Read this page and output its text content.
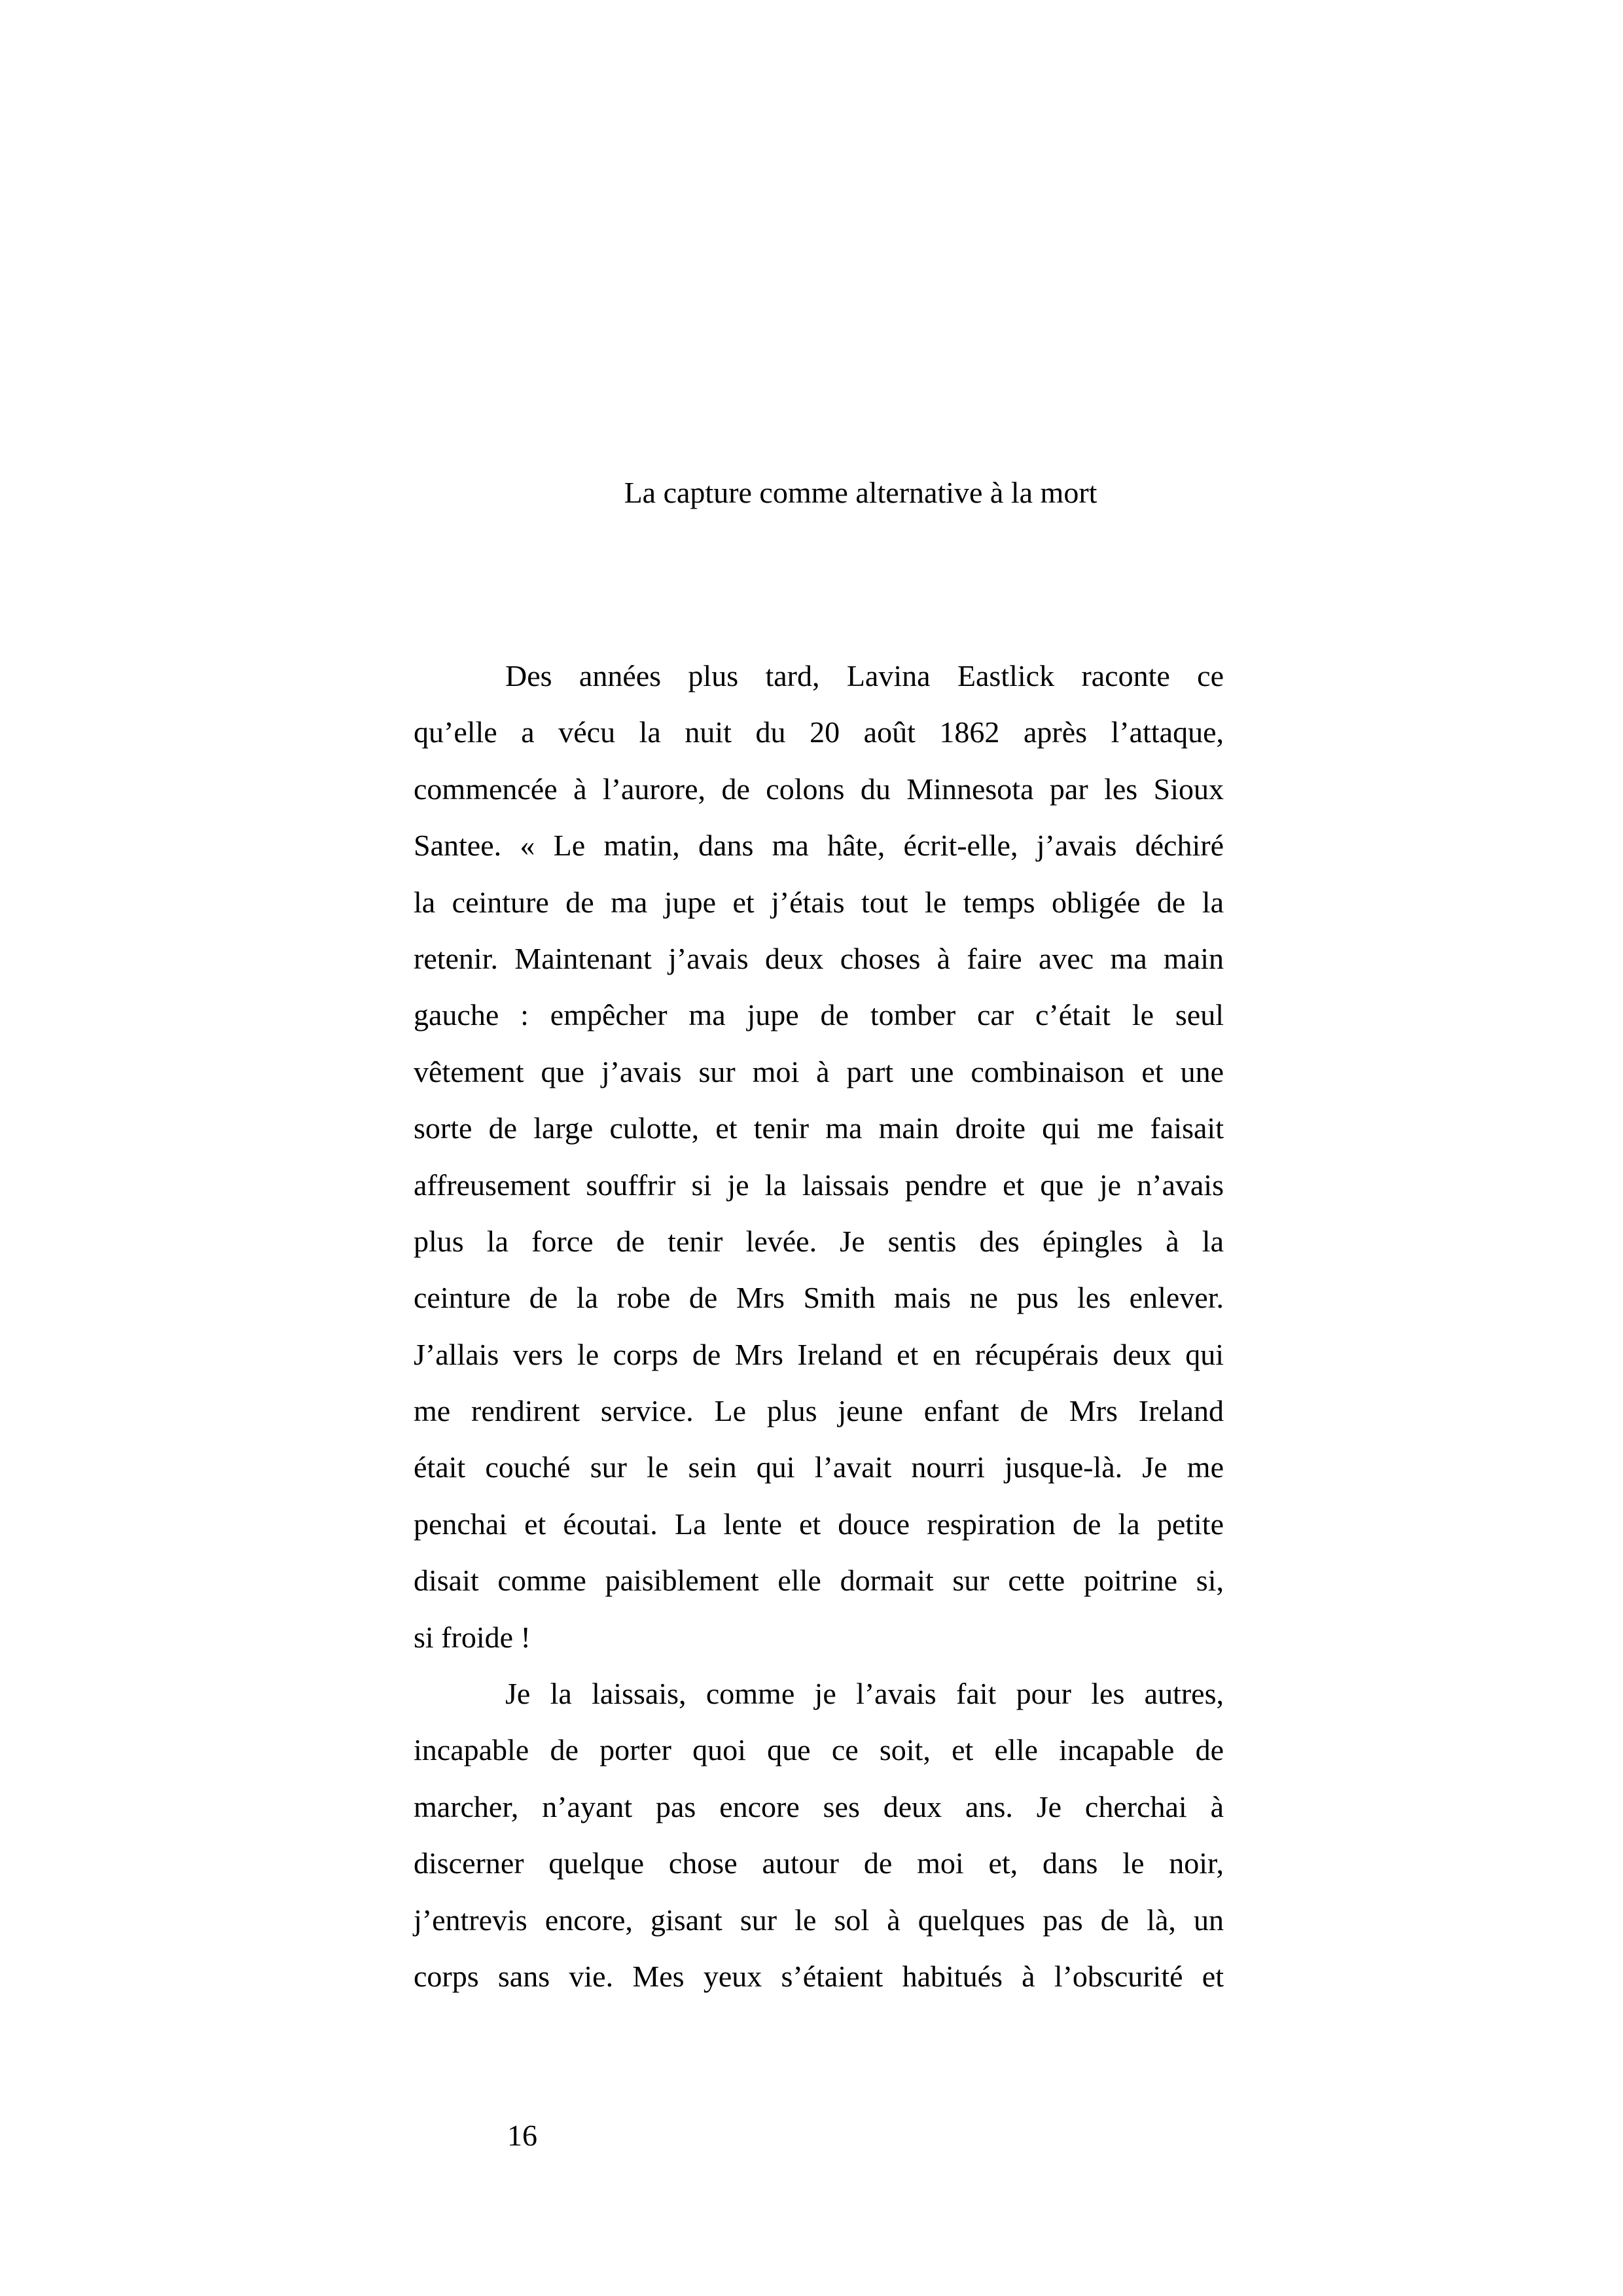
La capture comme alternative à la mort
Des années plus tard, Lavina Eastlick raconte ce
qu’elle a vécu la nuit du 20 août 1862 après l’attaque,
commencée à l’aurore, de colons du Minnesota par les Sioux
Santee. « Le matin, dans ma hâte, écrit-elle, j’avais déchiré
la ceinture de ma jupe et j’étais tout le temps obligée de la
retenir. Maintenant j’avais deux choses à faire avec ma main
gauche : empêcher ma jupe de tomber car c’était le seul
vêtement que j’avais sur moi à part une combinaison et une
sorte de large culotte, et tenir ma main droite qui me faisait
affreusement souffrir si je la laissais pendre et que je n’avais
plus la force de tenir levée. Je sentis des épingles à la
ceinture de la robe de Mrs Smith mais ne pus les enlever.
J’allais vers le corps de Mrs Ireland et en récupérais deux qui
me rendirent service. Le plus jeune enfant de Mrs Ireland
était couché sur le sein qui l’avait nourri jusque-là. Je me
penchai et écoutai. La lente et douce respiration de la petite
disait comme paisiblement elle dormait sur cette poitrine si,
si froide !
Je la laissais, comme je l’avais fait pour les autres,
incapable de porter quoi que ce soit, et elle incapable de
marcher, n’ayant pas encore ses deux ans. Je cherchai à
discerner quelque chose autour de moi et, dans le noir,
j’entrevis encore, gisant sur le sol à quelques pas de là, un
corps sans vie. Mes yeux s’étaient habitués à l’obscurité et
16
